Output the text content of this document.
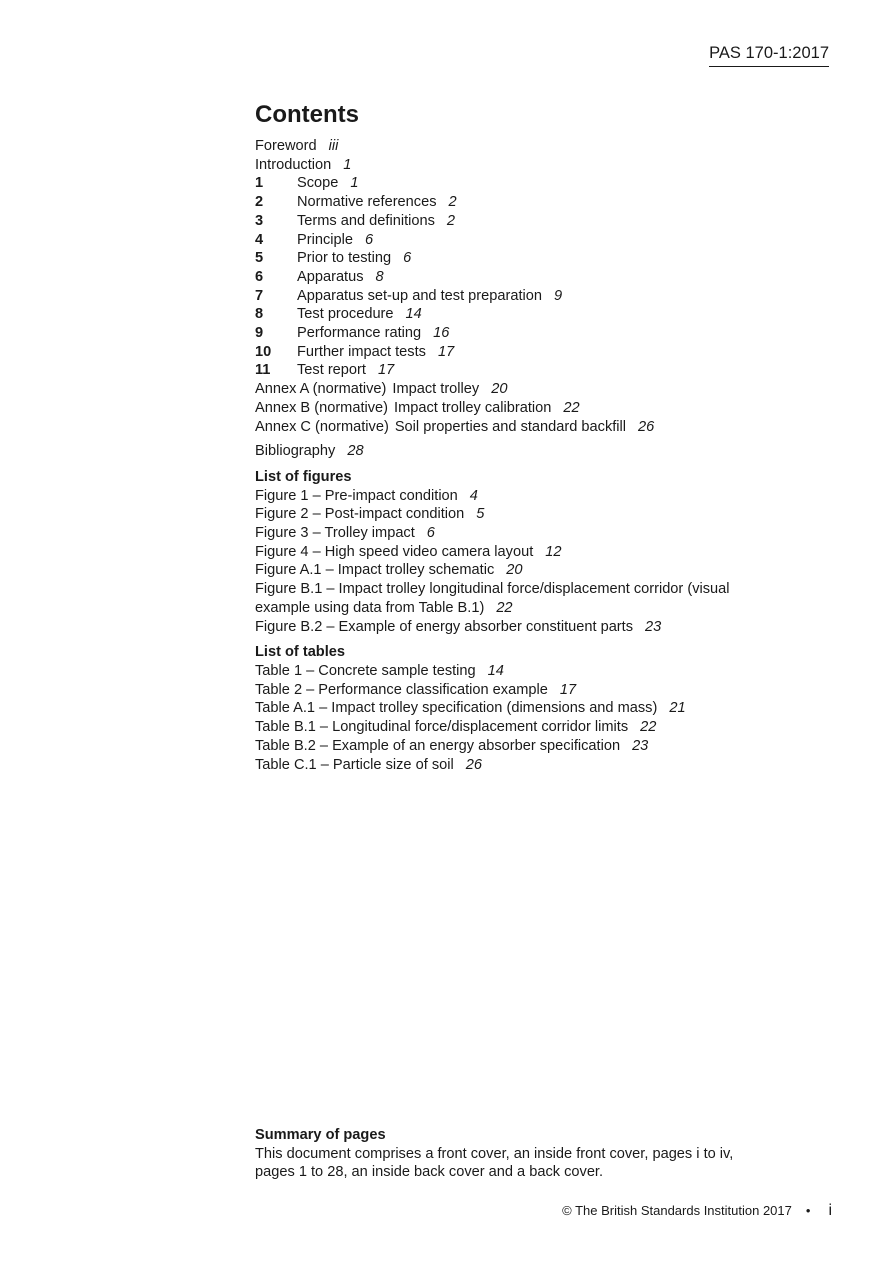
PAS 170-1:2017
Contents
Foreword iii
Introduction 1
1 Scope 1
2 Normative references 2
3 Terms and definitions 2
4 Principle 6
5 Prior to testing 6
6 Apparatus 8
7 Apparatus set-up and test preparation 9
8 Test procedure 14
9 Performance rating 16
10 Further impact tests 17
11 Test report 17
Annex A (normative) Impact trolley 20
Annex B (normative) Impact trolley calibration 22
Annex C (normative) Soil properties and standard backfill 26
Bibliography 28
List of figures
Figure 1 – Pre-impact condition 4
Figure 2 – Post-impact condition 5
Figure 3 – Trolley impact 6
Figure 4 – High speed video camera layout 12
Figure A.1 – Impact trolley schematic 20
Figure B.1 – Impact trolley longitudinal force/displacement corridor (visual
example using data from Table B.1) 22
Figure B.2 – Example of energy absorber constituent parts 23
List of tables
Table 1 – Concrete sample testing 14
Table 2 – Performance classification example 17
Table A.1 – Impact trolley specification (dimensions and mass) 21
Table B.1 – Longitudinal force/displacement corridor limits 22
Table B.2 – Example of an energy absorber specification 23
Table C.1 – Particle size of soil 26
Summary of pages
This document comprises a front cover, an inside front cover, pages i to iv,
pages 1 to 28, an inside back cover and a back cover.
© The British Standards Institution 2017 • i
